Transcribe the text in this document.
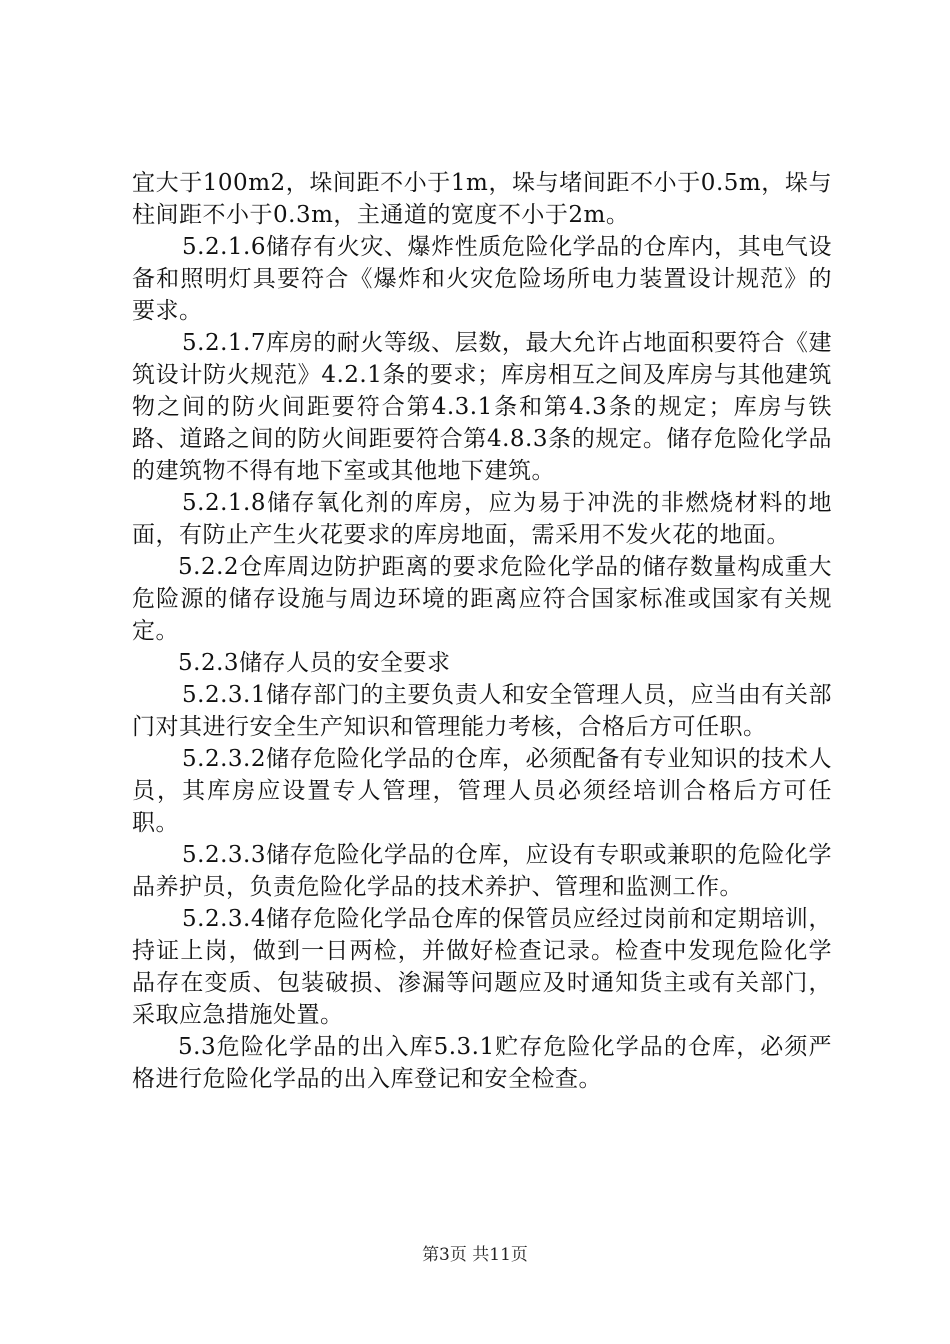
宜大于100m2，垛间距不小于1m，垛与堵间距不小于0.5m，垛与柱间距不小于0.3m，主通道的宽度不小于2m。

5.2.1.6储存有火灾、爆炸性质危险化学品的仓库内，其电气设备和照明灯具要符合《爆炸和火灾危险场所电力装置设计规范》的要求。

5.2.1.7库房的耐火等级、层数，最大允许占地面积要符合《建筑设计防火规范》4.2.1条的要求；库房相互之间及库房与其他建筑物之间的防火间距要符合第4.3.1条和第4.3条的规定；库房与铁路、道路之间的防火间距要符合第4.8.3条的规定。储存危险化学品的建筑物不得有地下室或其他地下建筑。

5.2.1.8储存氧化剂的库房，应为易于冲洗的非燃烧材料的地面，有防止产生火花要求的库房地面，需采用不发火花的地面。

5.2.2仓库周边防护距离的要求危险化学品的储存数量构成重大危险源的储存设施与周边环境的距离应符合国家标准或国家有关规定。

5.2.3储存人员的安全要求

5.2.3.1储存部门的主要负责人和安全管理人员，应当由有关部门对其进行安全生产知识和管理能力考核，合格后方可任职。

5.2.3.2储存危险化学品的仓库，必须配备有专业知识的技术人员，其库房应设置专人管理，管理人员必须经培训合格后方可任职。

5.2.3.3储存危险化学品的仓库，应设有专职或兼职的危险化学品养护员，负责危险化学品的技术养护、管理和监测工作。

5.2.3.4储存危险化学品仓库的保管员应经过岗前和定期培训，持证上岗，做到一日两检，并做好检查记录。检查中发现危险化学品存在变质、包装破损、渗漏等问题应及时通知货主或有关部门，采取应急措施处置。

5.3危险化学品的出入库5.3.1贮存危险化学品的仓库，必须严格进行危险化学品的出入库登记和安全检查。

第3页 共11页
